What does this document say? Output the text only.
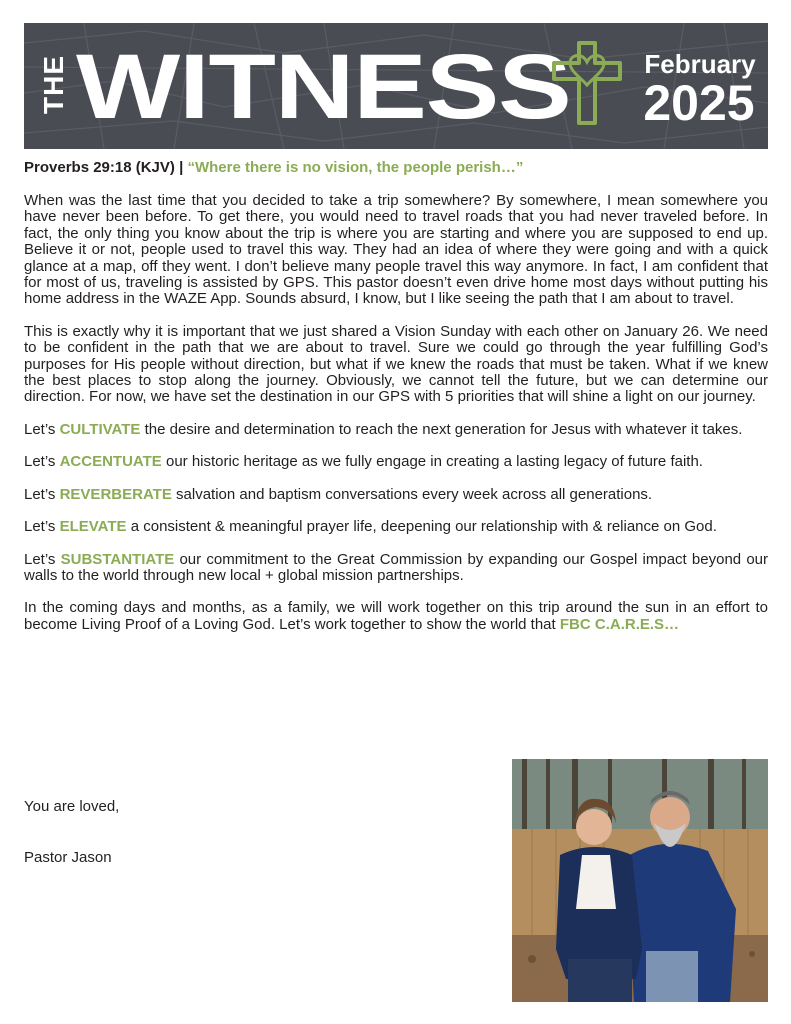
THE WITNESS	February
2025

Proverbs 29:18 (KJV) | “Where there is no vision, the people perish…”

When was the last time that you decided to take a trip somewhere? By somewhere, I mean somewhere you have never been before. To get there, you would need to travel roads that you had never traveled before. In fact, the only thing you know about the trip is where you are starting and where you are supposed to end up. Believe it or not, people used to travel this way. They had an idea of where they were going and with a quick glance at a map, off they went. I don’t believe many people travel this way anymore. In fact, I am confident that for most of us, traveling is assisted by GPS. This pastor doesn’t even drive home most days without putting his home address in the WAZE App. Sounds absurd, I know, but I like seeing the path that I am about to travel.

This is exactly why it is important that we just shared a Vision Sunday with each other on January 26. We need to be confident in the path that we are about to travel. Sure we could go through the year fulfilling God’s purposes for His people without direction, but what if we knew the roads that must be taken. What if we knew the best places to stop along the journey. Obviously, we cannot tell the future, but we can determine our direction. For now, we have set the destination in our GPS with 5 priorities that will shine a light on our journey.

Let’s CULTIVATE the desire and determination to reach the next generation for Jesus with whatever it takes.

Let’s ACCENTUATE our historic heritage as we fully engage in creating a lasting legacy of future faith.

Let’s REVERBERATE salvation and baptism conversations every week across all generations.

Let’s ELEVATE a consistent & meaningful prayer life, deepening our relationship with & reliance on God.

Let’s SUBSTANTIATE our commitment to the Great Commission by expanding our Gospel impact beyond our walls to the world through new local + global mission partnerships.

In the coming days and months, as a family, we will work together on this trip around the sun in an effort to become Living Proof of a Loving God. Let’s work together to show the world that FBC C.A.R.E.S…

You are loved,
Pastor Jason
